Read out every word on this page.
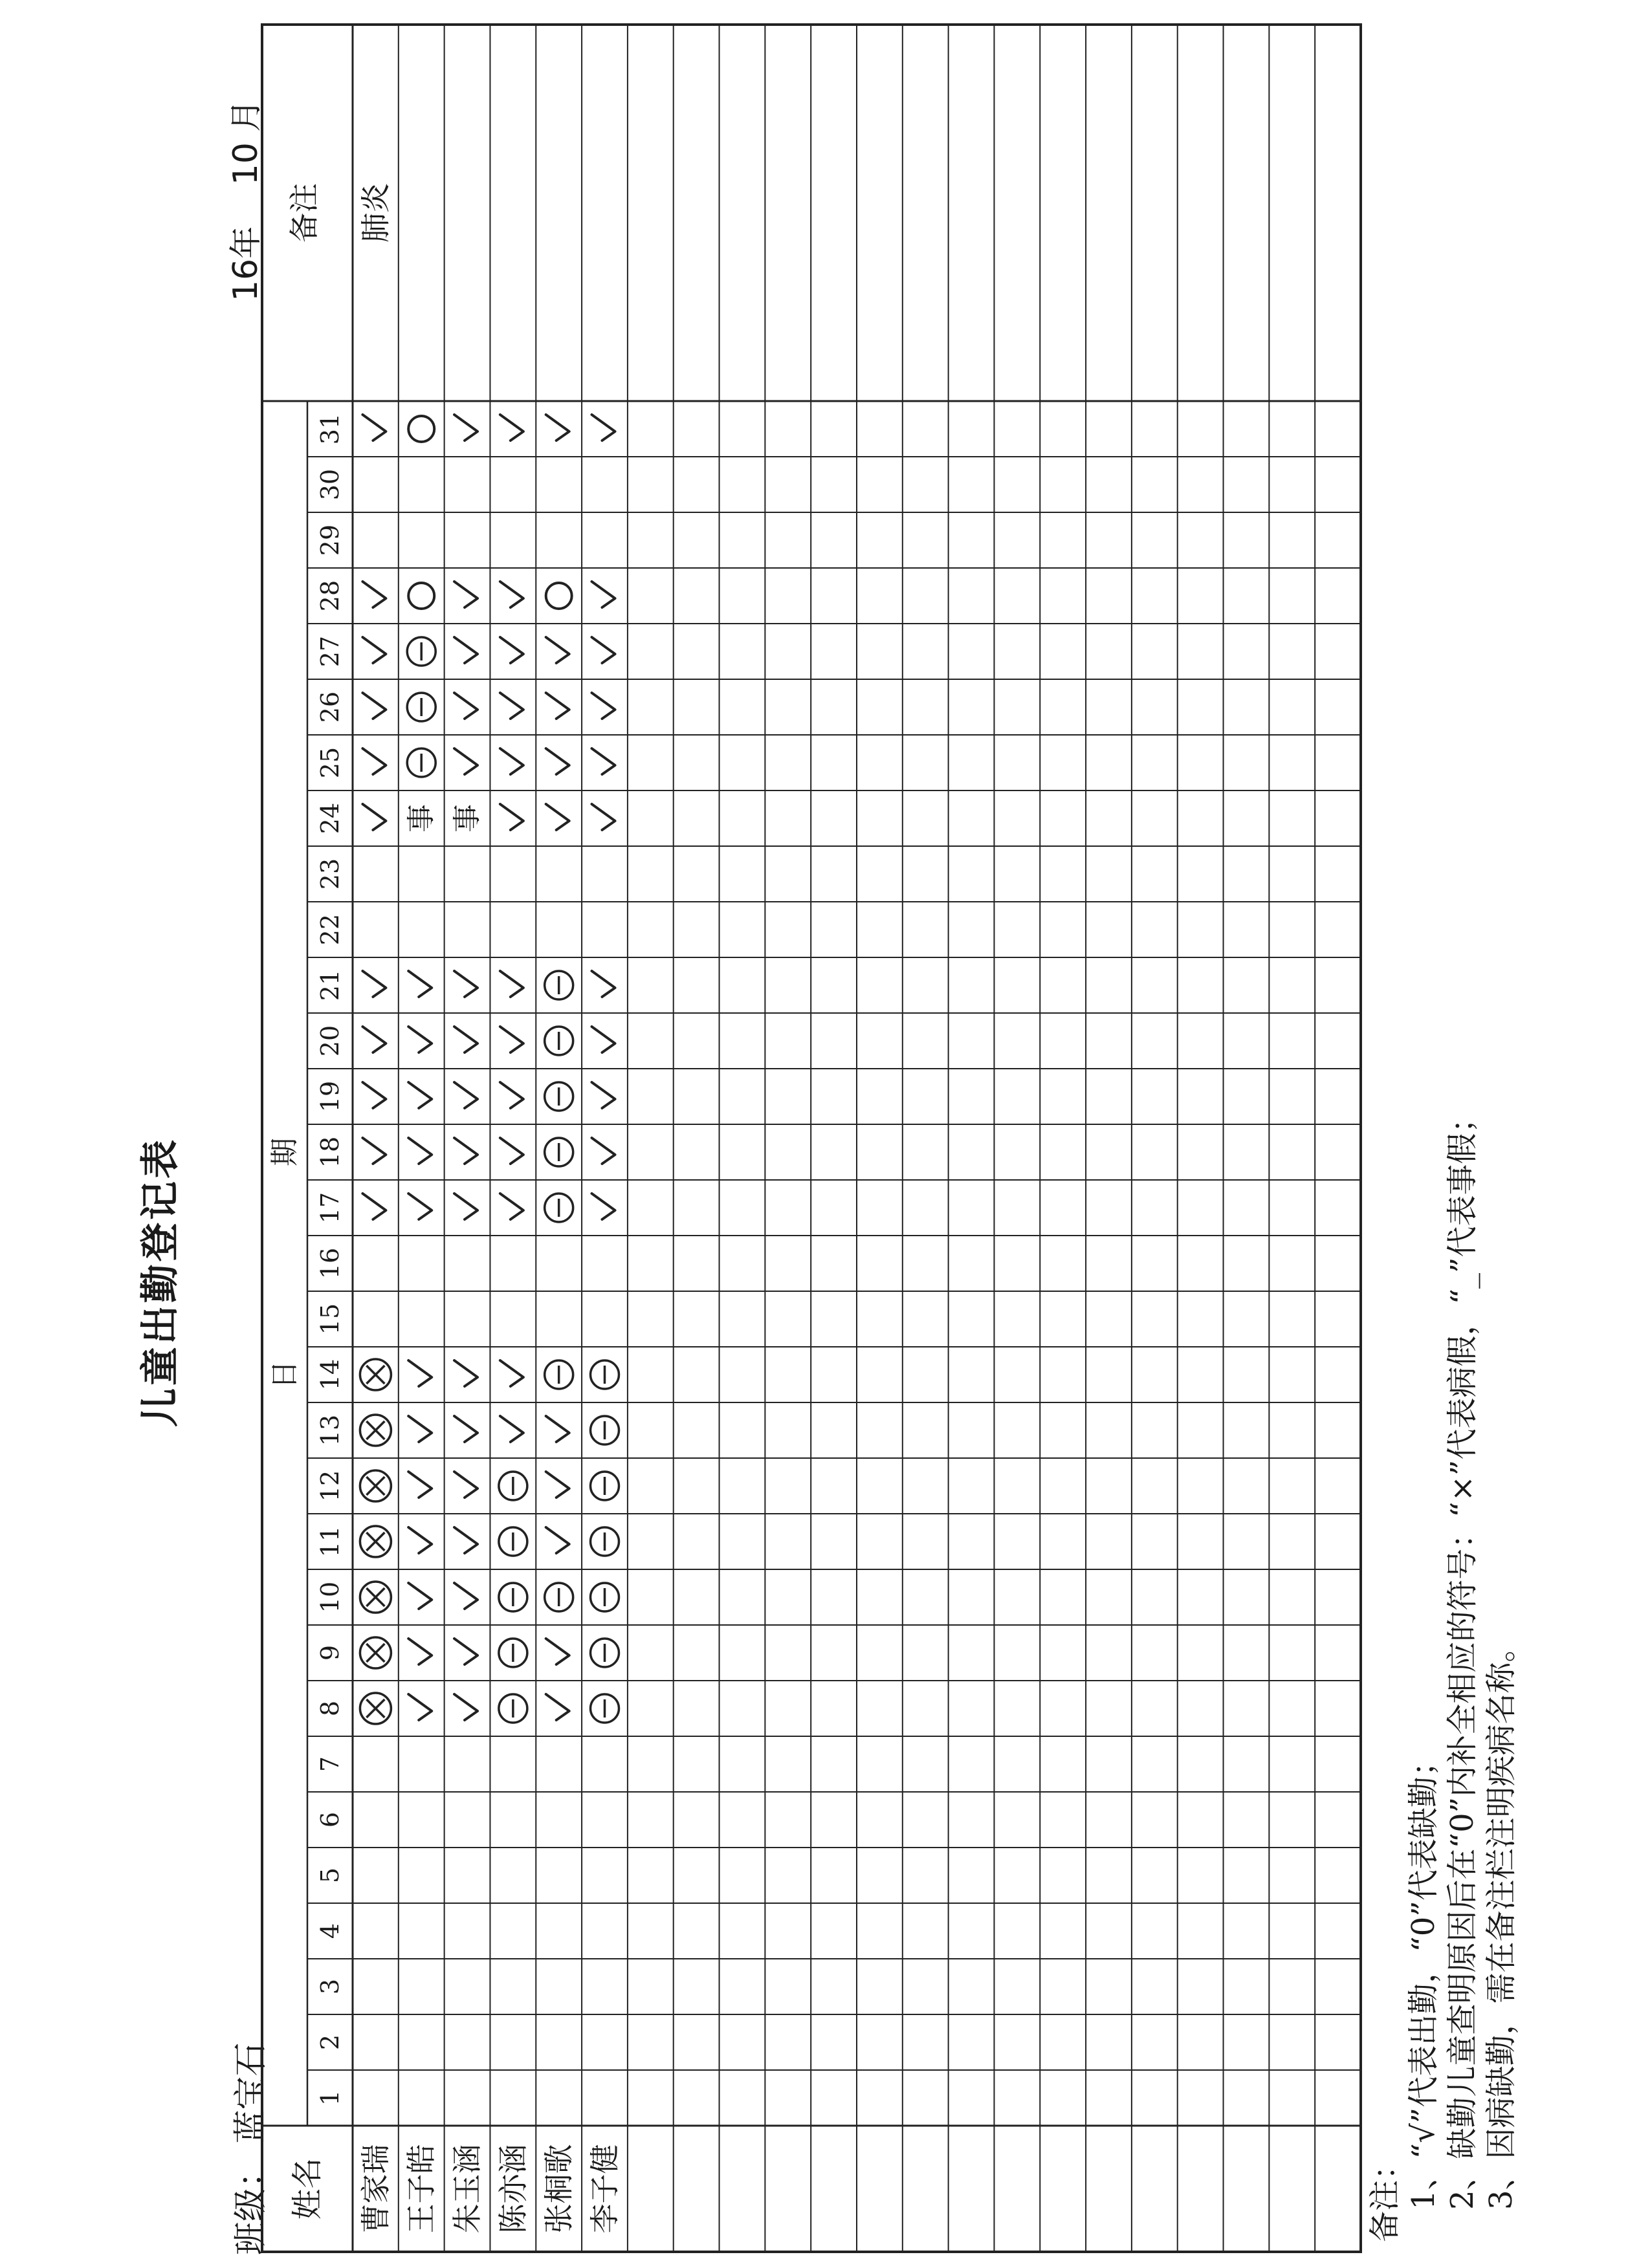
儿童出勤登记表
班级： 蓝宝石
16年    10 月
姓名
日
期
备注
1
2
3
4
5
6
7
8
9
10
11
12
13
14
15
16
17
18
19
20
21
22
23
24
25
26
27
28
29
30
31
曹家瑞
肺炎
王子皓
事
朱玉涵
事
陈亦涵 张桐歌 李子健	备注： 1、“√”代表出勤，“0”代表缺勤； 2、缺勤儿童查明原因后在“0”内补全相应的符号：“×”代表病假，“_”代表事假； 3、因病缺勤，需在备注栏注明疾病名称。
